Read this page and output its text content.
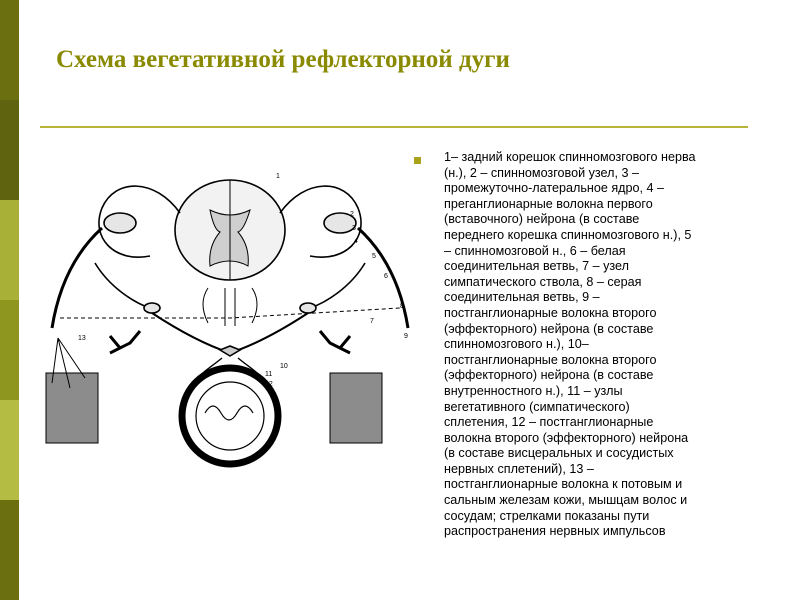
Схема вегетативной рефлекторной дуги

1– задний корешок спинномозгового нерва
(н.), 2 – спинномозговой узел, 3 –
промежуточно-латеральное ядро, 4 –
преганглионарные волокна первого
(вставочного) нейрона (в составе
переднего корешка спинномозгового н.), 5
– спинномозговой н., 6 – белая
соединительная ветвь, 7 – узел
симпатического ствола, 8 – серая
соединительная ветвь, 9 –
постганглионарные волокна второго
(эффекторного) нейрона (в составе
спинномозгового н.), 10–
постганглионарные волокна второго
(эффекторного) нейрона (в составе
внутренностного н.), 11 – узлы
вегетативного (симпатического)
сплетения, 12 – постганглионарные
волокна второго (эффекторного) нейрона
(в составе висцеральных и сосудистых
нервных сплетений), 13 –
постганглионарные волокна к потовым и
сальным железам кожи, мышцам волос и
сосудам; стрелками показаны пути
распространения нервных импульсов

1
2
3
4
5
6
7
8
9
10
11
12
13
